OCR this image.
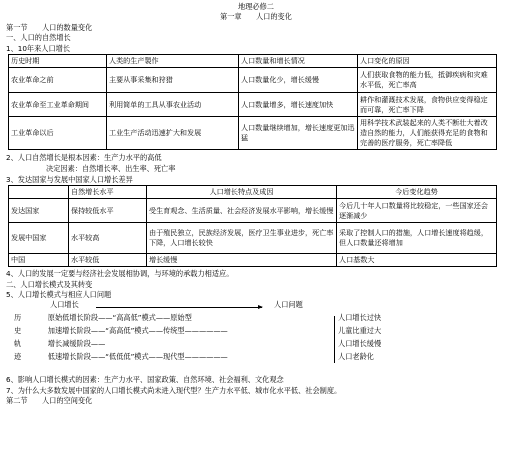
地理必修二
第一章　　人口的变化
第一节　　人口的数量变化
一、人口的自然增长
1、10年来人口增长
历史时期	人类的生产製作	人口数量和增长情况	人口变化的原因
农业革命之前	主要从事采集和狩猎	人口数量化少，增长缓慢	人们获取食物的能力低，抵御疾病和灾难水平低，死亡率高
农业革命至工业革命期间	利用简单的工具从事农业活动	人口数量增多，增长速度加快	耕作和灌溉技术发展，食物供应变得稳定而可靠，死亡率下降
工业革命以后	工业生产活动迅速扩大和发展	人口数量继续增加，增长速度更加迅猛	用科学技术武装起来的人类不断壮大着改造自然的能力，人们能获得充足的食物和完善的医疗服务，死亡率降低
2、人口自然增长是根本因素：生产力水平的高低
决定因素：自然增长率、出生率、死亡率
3、发达国家与发展中国家人口增长差异
	自然增长水平	人口增长特点及成因	今后变化趋势
发达国家	保持较低水平	受生育观念、生活质量、社会经济发展水平影响，增长缓慢	今后几十年人口数量将比较稳定，一些国家还会逐渐减少
发展中国家	水平较高	由于殖民独立，民族经济发展，医疗卫生事业进步，死亡率下降，人口增长较快	采取了控制人口的措施，人口增长速度将趋缓，但人口数量还将增加
中国	水平较低	增长缓慢	人口基数大
4、人口的发展一定要与经济社会发展相协调，与环境的承载力相适应。
二、人口增长模式及其转变
5、人口增长模式与相应人口问题
人口增长	人口问题
历	原始低增长阶段——“高高低”模式——原始型	人口增长过快
史	加速增长阶段——“高高低”模式——传统型——————	儿童比重过大
轨	增长减缓阶段——	人口增长缓慢
迹	低速增长阶段——“低低低”模式——现代型——————	人口老龄化
6、影响人口增长模式的因素：生产力水平、国家政策、自然环境、社会福利、文化观念
7、为什么大多数发展中国家的人口增长模式尚未进入现代型？生产力水平低、城市化水平低、社会制度。
第二节　　人口的空间变化
